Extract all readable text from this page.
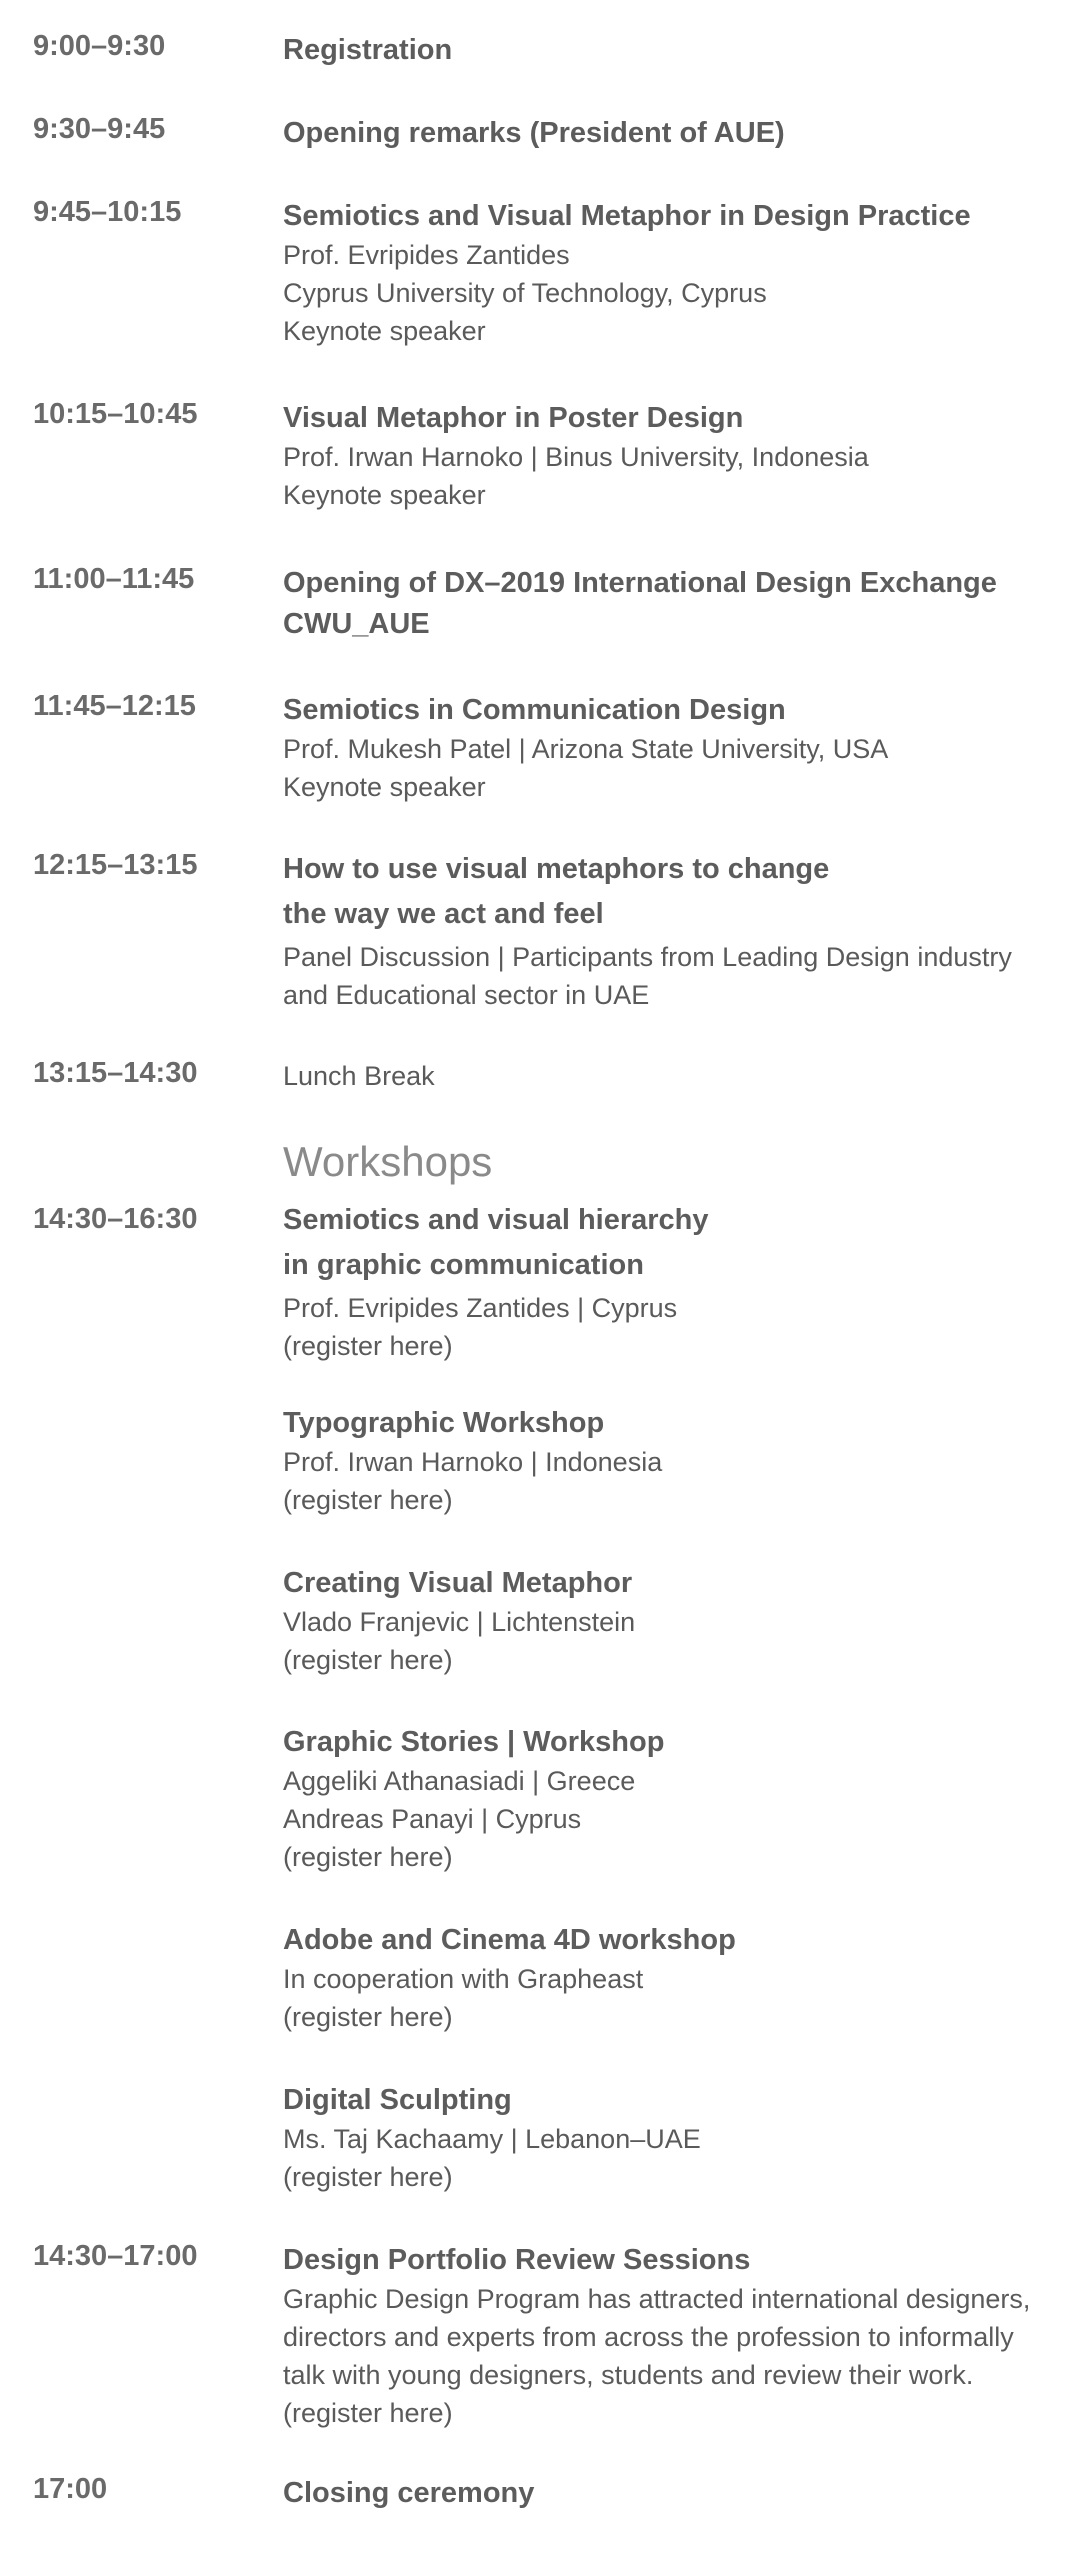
9:00–9:30	Registration
9:30–9:45	Opening remarks (President of AUE)
9:45–10:15	Semiotics and Visual Metaphor in Design Practice
Prof. Evripides Zantides
Cyprus University of Technology, Cyprus
Keynote speaker
10:15–10:45	Visual Metaphor in Poster Design
Prof. Irwan Harnoko | Binus University, Indonesia
Keynote speaker
11:00–11:45	Opening of DX–2019 International Design Exchange
CWU_AUE
11:45–12:15	Semiotics in Communication Design
Prof. Mukesh Patel | Arizona State University, USA
Keynote speaker
12:15–13:15	How to use visual metaphors to change
the way we act and feel
Panel Discussion | Participants from Leading Design industry
and Educational sector in UAE
13:15–14:30	Lunch Break
Workshops
14:30–16:30	Semiotics and visual hierarchy
in graphic communication
Prof. Evripides Zantides | Cyprus
(register here)
Typographic Workshop
Prof. Irwan Harnoko | Indonesia
(register here)
Creating Visual Metaphor
Vlado Franjevic | Lichtenstein
(register here)
Graphic Stories | Workshop
Aggeliki Athanasiadi | Greece
Andreas Panayi | Cyprus
(register here)
Adobe and Cinema 4D workshop
In cooperation with Grapheast
(register here)
Digital Sculpting
Ms. Taj Kachaamy | Lebanon–UAE
(register here)
14:30–17:00	Design Portfolio Review Sessions
Graphic Design Program has attracted international designers,
directors and experts from across the profession to informally
talk with young designers, students and review their work.
(register here)
17:00	Closing ceremony
